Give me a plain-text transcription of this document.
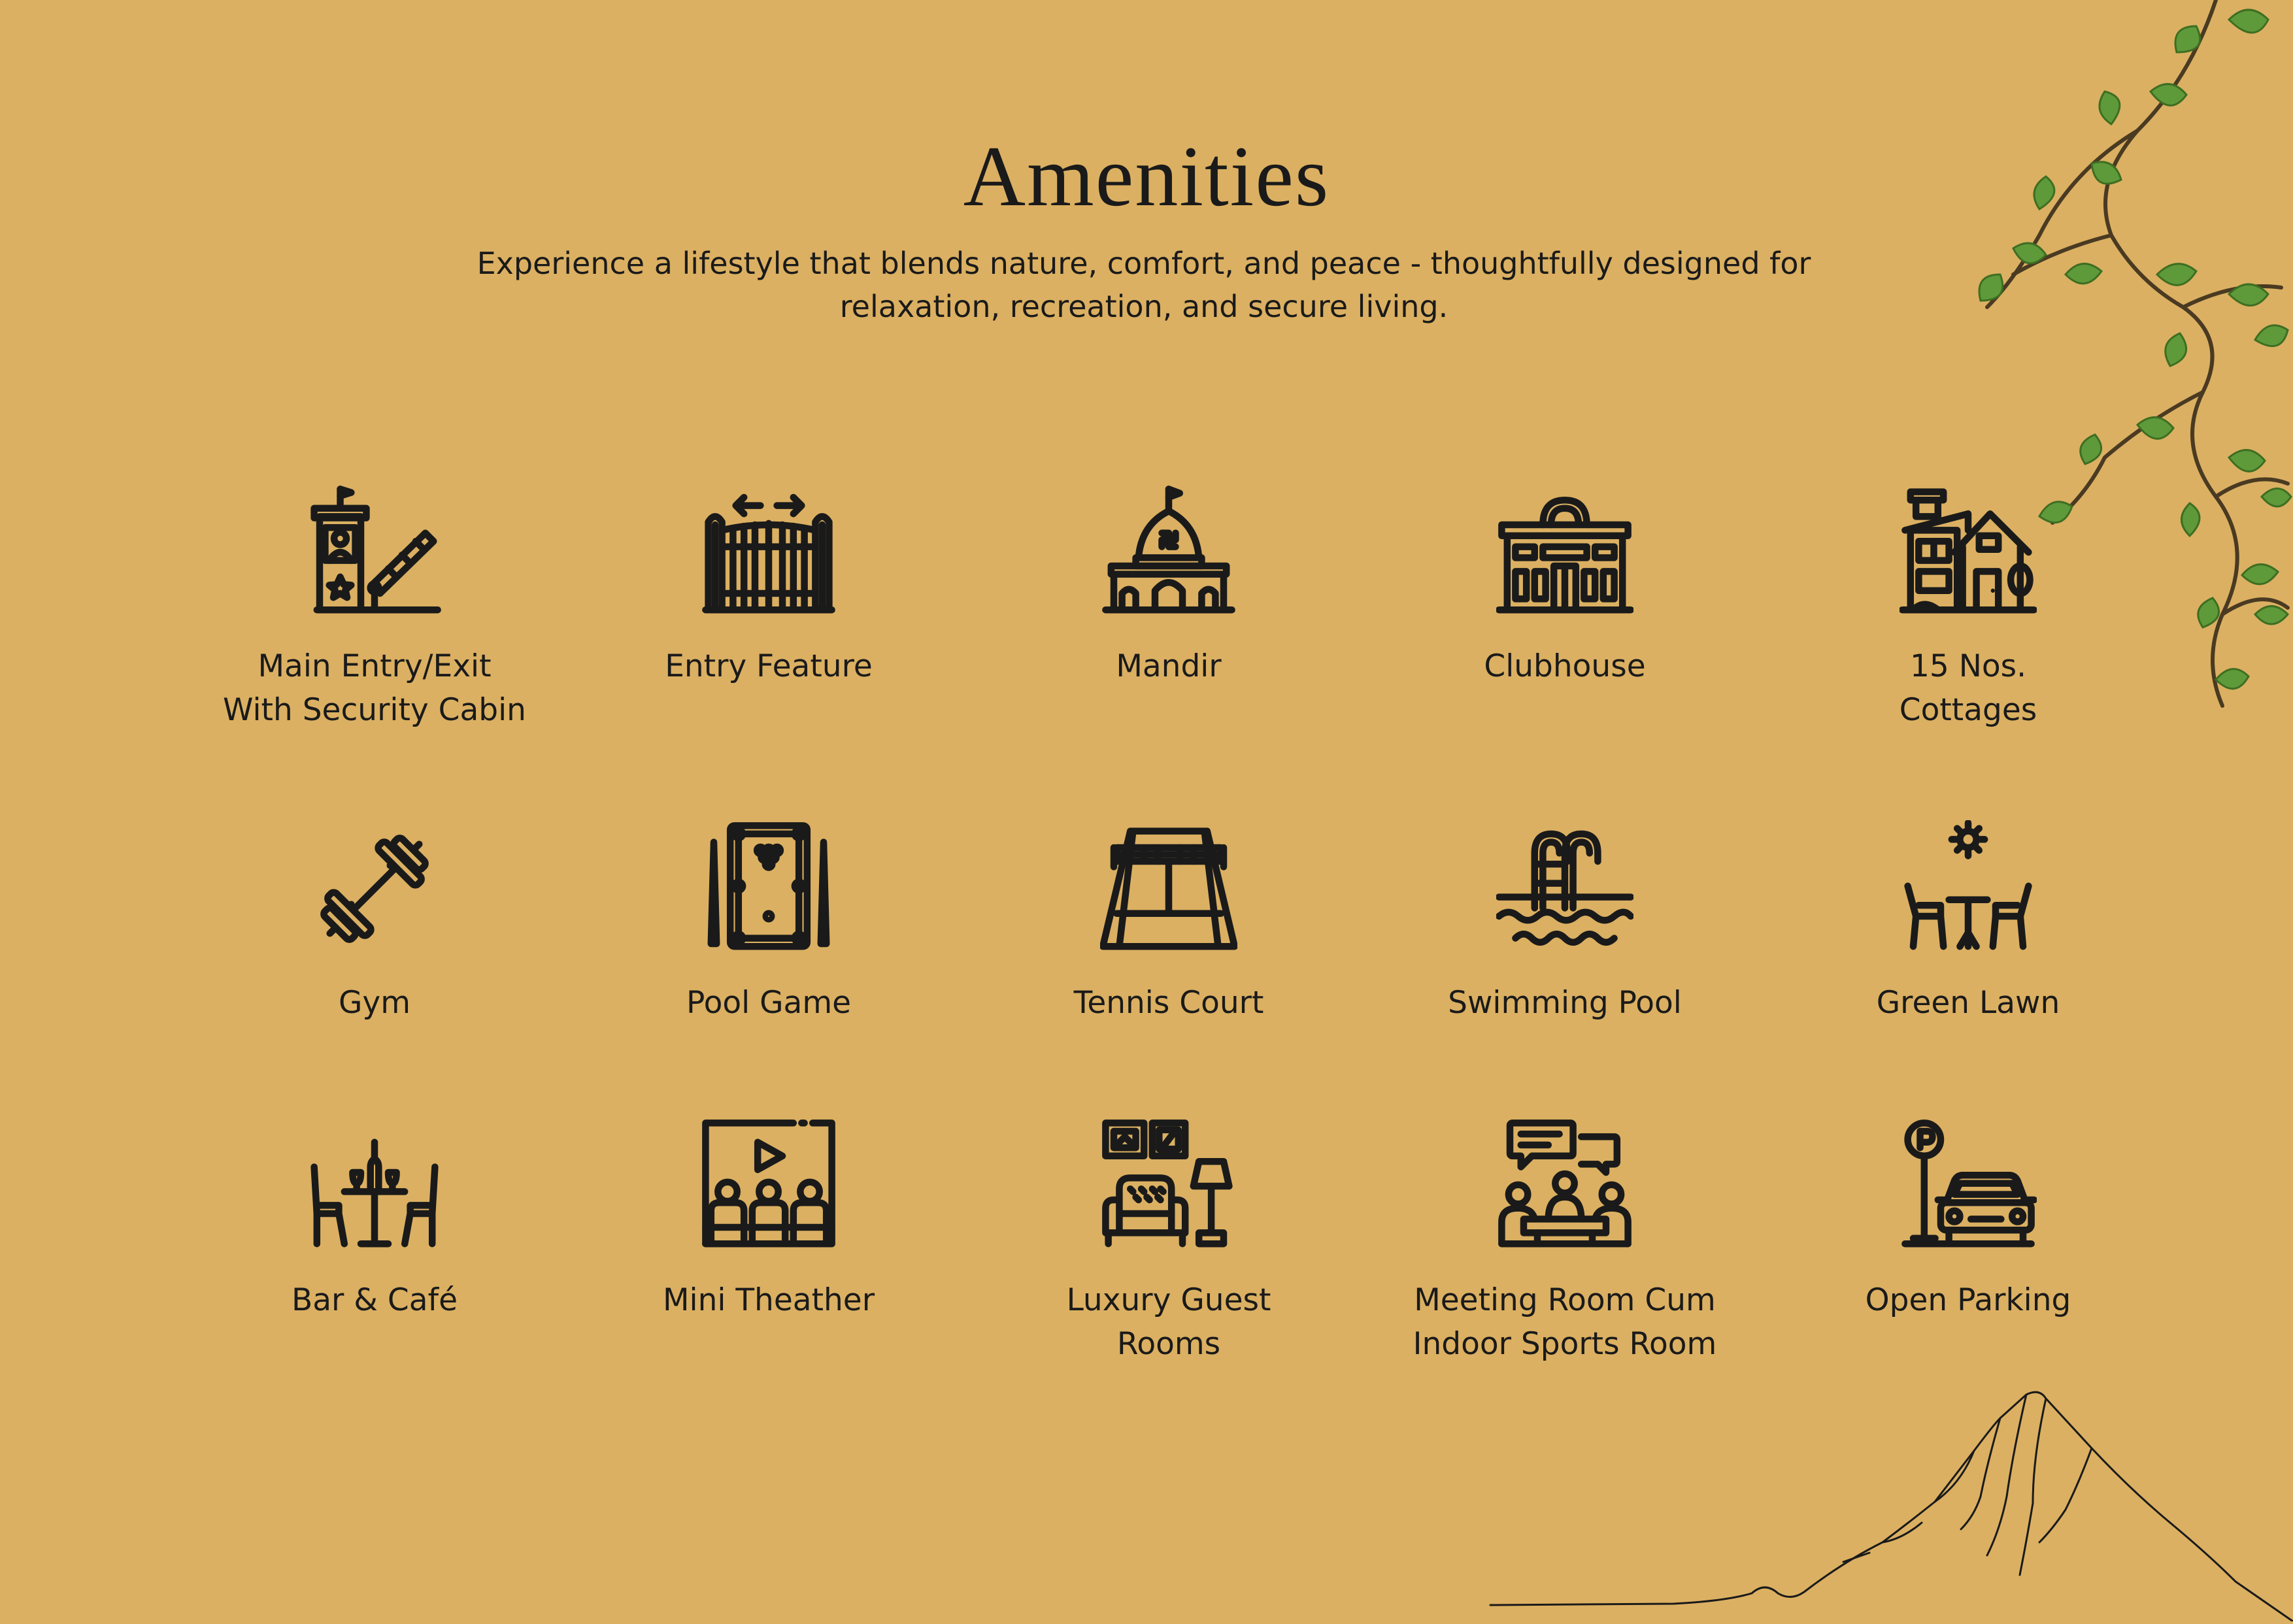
Amenities
Experience a lifestyle that blends nature, comfort, and peace - thoughtfully designed for relaxation, recreation, and secure living.
Main Entry/Exit
With Security Cabin
Entry Feature	Mandir	Clubhouse	15 Nos.
Cottages
Gym	Pool Game	Tennis Court	Swimming Pool	Green Lawn
Bar & Café	Mini Theather	Luxury Guest
Rooms
Meeting Room Cum
Indoor Sports Room
Open Parking
